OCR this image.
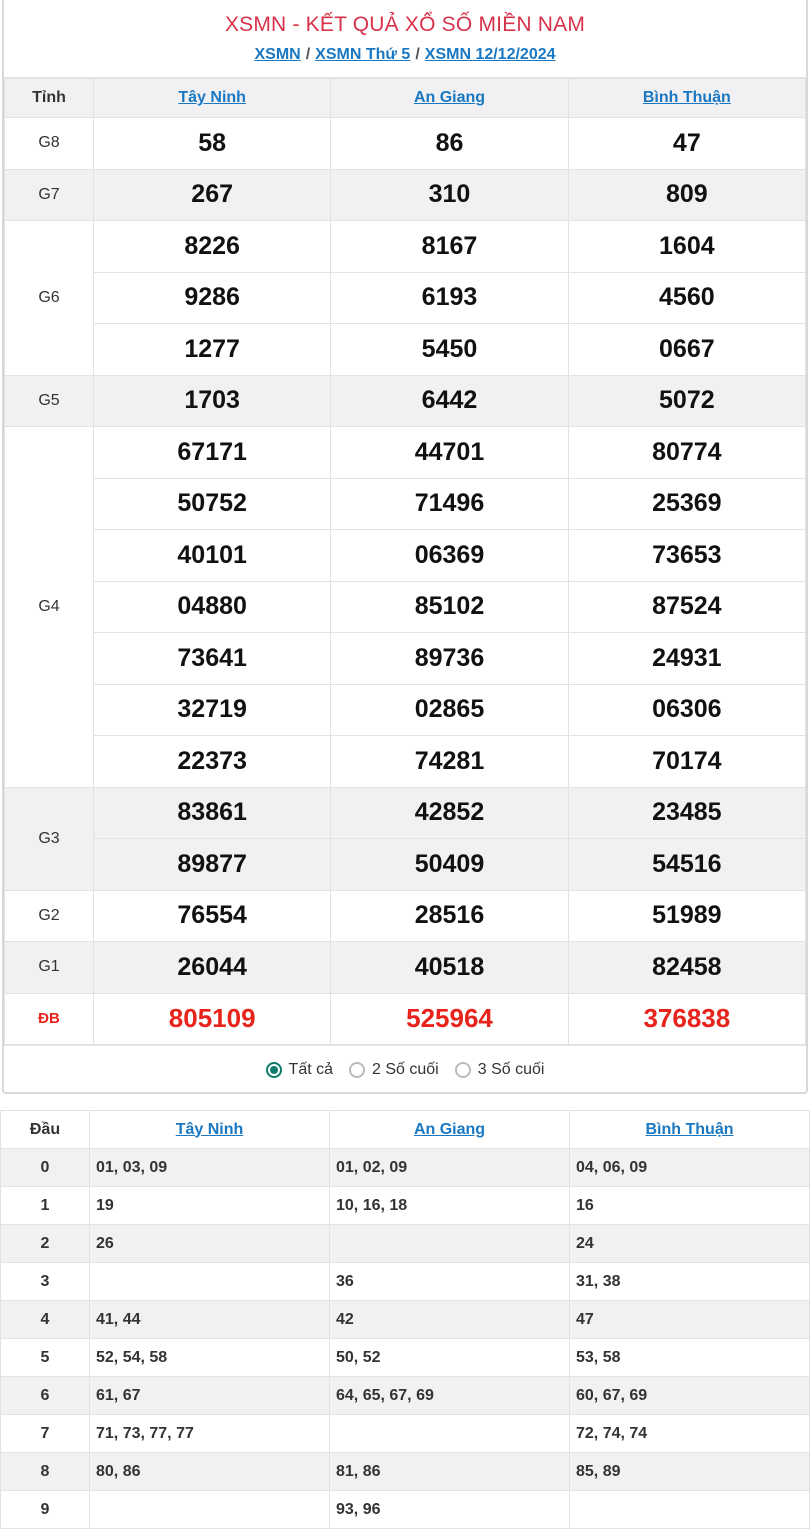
XSMN - KẾT QUẢ XỔ SỐ MIỀN NAM
XSMN / XSMN Thứ 5 / XSMN 12/12/2024
Tỉnh	Tây Ninh	An Giang	Bình Thuận
G8	58	86	47
G7	267	310	809
G6	8226	8167	1604
	9286	6193	4560
	1277	5450	0667
G5	1703	6442	5072
G4	67171	44701	80774
	50752	71496	25369
	40101	06369	73653
	04880	85102	87524
	73641	89736	24931
	32719	02865	06306
	22373	74281	70174
G3	83861	42852	23485
	89877	50409	54516
G2	76554	28516	51989
G1	26044	40518	82458
ĐB	805109	525964	376838
Tất cả 2 Số cuối 3 Số cuối
Đầu	Tây Ninh	An Giang	Bình Thuận
0	01, 03, 09	01, 02, 09	04, 06, 09
1	19	10, 16, 18	16
2	26		24
3		36	31, 38
4	41, 44	42	47
5	52, 54, 58	50, 52	53, 58
6	61, 67	64, 65, 67, 69	60, 67, 69
7	71, 73, 77, 77		72, 74, 74
8	80, 86	81, 86	85, 89
9		93, 96	
